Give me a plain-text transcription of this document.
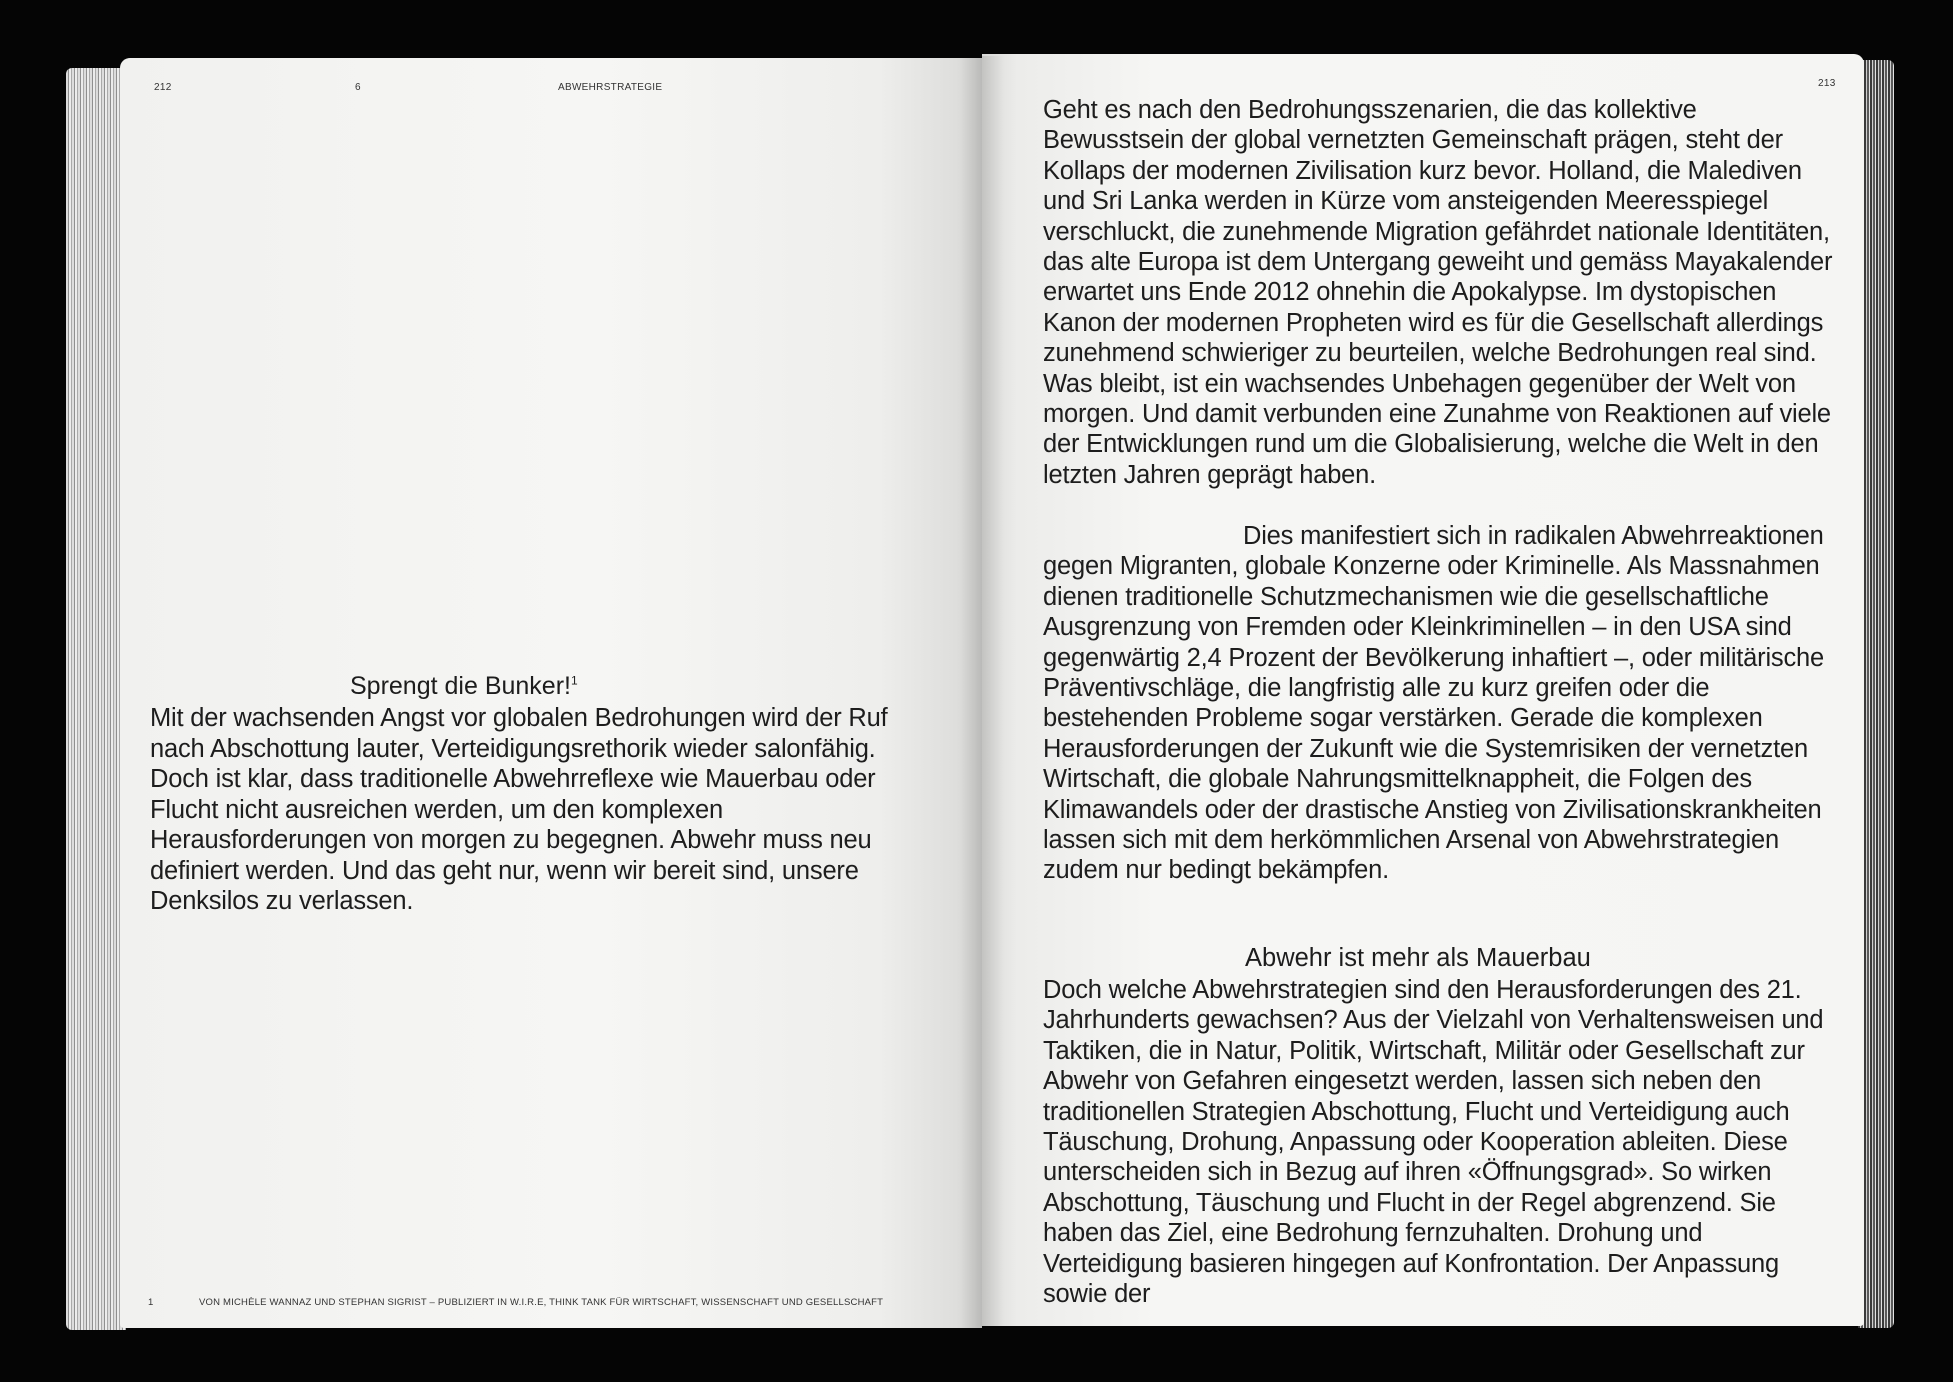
212	6	ABWEHRSTRATEGIE
Sprengt die Bunker!$^1$

Mit der wachsenden Angst vor globalen Bedrohungen wird der Ruf nach Abschottung lauter, Verteidigungsrethorik wieder salonfähig. Doch ist klar, dass traditionelle Abwehrreflexe wie Mauerbau oder Flucht nicht ausreichen werden, um den komplexen Herausforderungen von morgen zu begegnen. Abwehr muss neu definiert werden. Und das geht nur, wenn wir bereit sind, unsere Denksilos zu verlassen.

1	VON MICHÈLE WANNAZ UND STEPHAN SIGRIST – PUBLIZIERT IN W.I.R.E, THINK TANK FÜR WIRTSCHAFT, WISSENSCHAFT UND GESELLSCHAFT
213

Geht es nach den Bedrohungsszenarien, die das kollektive Bewusstsein der global vernetzten Gemeinschaft prägen, steht der Kollaps der modernen Zivilisation kurz bevor. Holland, die Malediven und Sri Lanka werden in Kürze vom ansteigenden Meeresspiegel verschluckt, die zunehmende Migration gefährdet nationale Identitäten, das alte Europa ist dem Untergang geweiht und gemäss Mayakalender erwartet uns Ende 2012 ohnehin die Apokalypse. Im dystopischen Kanon der modernen Propheten wird es für die Gesellschaft allerdings zunehmend schwieriger zu beurteilen, welche Bedrohungen real sind. Was bleibt, ist ein wachsendes Unbehagen gegenüber der Welt von morgen. Und damit verbunden eine Zunahme von Reaktionen auf viele der Entwicklungen rund um die Globalisierung, welche die Welt in den letzten Jahren geprägt haben.

Dies manifestiert sich in radikalen Abwehrreaktionen gegen Migranten, globale Konzerne oder Kriminelle. Als Massnahmen dienen traditionelle Schutzmechanismen wie die gesellschaftliche Ausgrenzung von Fremden oder Kleinkriminellen – in den USA sind gegenwärtig 2,4 Prozent der Bevölkerung inhaftiert –, oder militärische Präventivschläge, die langfristig alle zu kurz greifen oder die bestehenden Probleme sogar verstärken. Gerade die komplexen Herausforderungen der Zukunft wie die Systemrisiken der vernetzten Wirtschaft, die globale Nahrungsmittelknappheit, die Folgen des Klimawandels oder der drastische Anstieg von Zivilisationskrankheiten lassen sich mit dem herkömmlichen Arsenal von Abwehrstrategien zudem nur bedingt bekämpfen.

Abwehr ist mehr als Mauerbau

Doch welche Abwehrstrategien sind den Herausforderungen des 21. Jahrhunderts gewachsen? Aus der Vielzahl von Verhaltensweisen und Taktiken, die in Natur, Politik, Wirtschaft, Militär oder Gesellschaft zur Abwehr von Gefahren eingesetzt werden, lassen sich neben den traditionellen Strategien Abschottung, Flucht und Verteidigung auch Täuschung, Drohung, Anpassung oder Kooperation ableiten. Diese unterscheiden sich in Bezug auf ihren «Öffnungsgrad». So wirken Abschottung, Täuschung und Flucht in der Regel abgrenzend. Sie haben das Ziel, eine Bedrohung fernzuhalten. Drohung und Verteidigung basieren hingegen auf Konfrontation. Der Anpassung sowie der
